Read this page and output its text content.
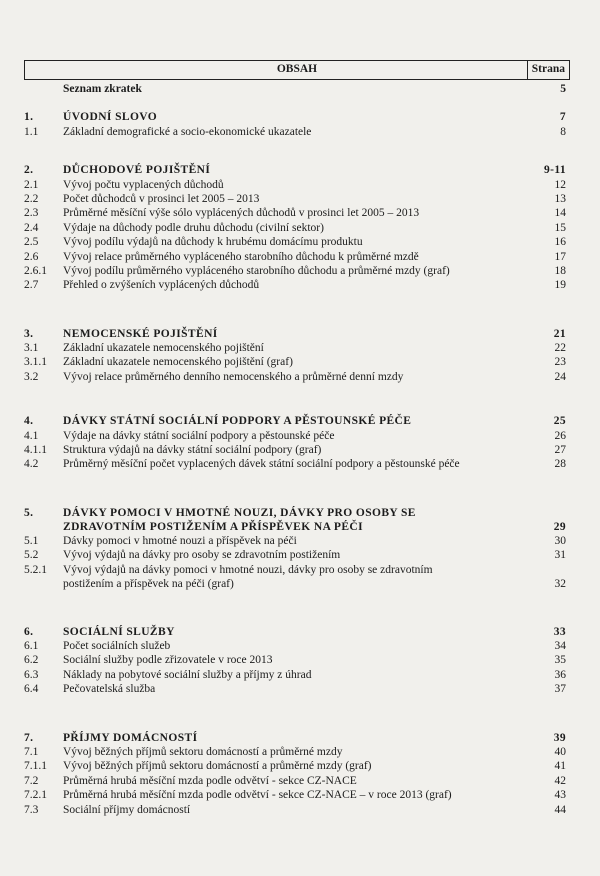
OBSAH	Strana
Seznam zkratek	5
1.	ÚVODNÍ SLOVO	7
1.1	Základní demografické a socio-ekonomické ukazatele	8
2.	DŮCHODOVÉ POJIŠTĚNÍ	9-11
2.1	Vývoj počtu vyplacených důchodů	12
2.2	Počet důchodců v prosinci let 2005 – 2013	13
2.3	Průměrné měsíční výše sólo vyplácených důchodů v prosinci let 2005 – 2013	14
2.4	Výdaje na důchody podle druhu důchodu (civilní sektor)	15
2.5	Vývoj podílu výdajů na důchody k hrubému domácímu produktu	16
2.6	Vývoj relace průměrného vypláceného starobního důchodu k průměrné mzdě	17
2.6.1	Vývoj podílu průměrného vypláceného starobního důchodu a průměrné mzdy (graf)	18
2.7	Přehled o zvýšeních vyplácených důchodů	19
3.	NEMOCENSKÉ POJIŠTĚNÍ	21
3.1	Základní ukazatele nemocenského pojištění	22
3.1.1	Základní ukazatele nemocenského pojištění (graf)	23
3.2	Vývoj relace průměrného denního nemocenského a průměrné denní mzdy	24
4.	DÁVKY STÁTNÍ SOCIÁLNÍ PODPORY A PĚSTOUNSKÉ PÉČE	25
4.1	Výdaje na dávky státní sociální podpory a pěstounské péče	26
4.1.1	Struktura výdajů na dávky státní sociální podpory (graf)	27
4.2	Průměrný měsíční počet vyplacených dávek státní sociální podpory a pěstounské péče	28
5.	DÁVKY POMOCI V HMOTNÉ NOUZI, DÁVKY PRO OSOBY SE ZDRAVOTNÍM POSTIŽENÍM A PŘÍSPĚVEK NA PÉČI	29
5.1	Dávky pomoci v hmotné nouzi a příspěvek na péči	30
5.2	Vývoj výdajů na dávky pro osoby se zdravotním postižením	31
5.2.1	Vývoj výdajů na dávky pomoci v hmotné nouzi, dávky pro osoby se zdravotním postižením a příspěvek na péči (graf)	32
6.	SOCIÁLNÍ SLUŽBY	33
6.1	Počet sociálních služeb	34
6.2	Sociální služby podle zřizovatele v roce 2013	35
6.3	Náklady na pobytové sociální služby a příjmy z úhrad	36
6.4	Pečovatelská služba	37
7.	PŘÍJMY DOMÁCNOSTÍ	39
7.1	Vývoj běžných příjmů sektoru domácností a průměrné mzdy	40
7.1.1	Vývoj běžných příjmů sektoru domácností a průměrné mzdy (graf)	41
7.2	Průměrná hrubá měsíční mzda podle odvětví - sekce CZ-NACE	42
7.2.1	Průměrná hrubá měsíční mzda podle odvětví - sekce CZ-NACE – v roce 2013 (graf)	43
7.3	Sociální příjmy domácností	44
